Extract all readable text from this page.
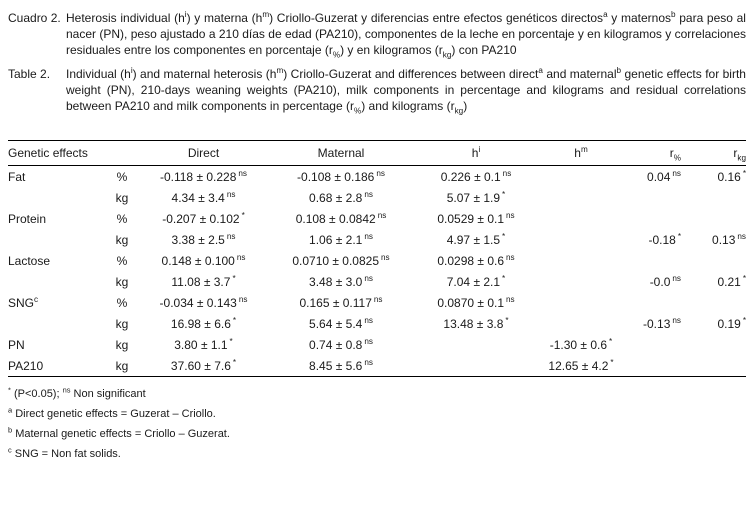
Cuadro 2. Heterosis individual $(h^i)$ y materna $(h^m)$ Criollo-Guzerat y diferencias entre efectos genéticos directos$^a$ y maternos$^b$ para peso al nacer (PN), peso ajustado a 210 días de edad (PA210), componentes de la leche en porcentaje y en kilogramos y correlaciones residuales entre los componentes en porcentaje $(r_{\%})$ y en kilogramos $(r_{kg})$ con PA210
Table 2.	Individual $(h^i)$ and maternal heterosis $(h^m)$ Criollo-Guzerat and differences between direct$^a$ and maternal$^b$ genetic effects for birth weight (PN), 210-days weaning weights (PA210), milk components in percentage and kilograms and residual correlations between PA210 and milk components in percentage $(r_{\%})$ and kilograms $(r_{kg})$
Genetic effects		Direct	Maternal	$h^i$	$h^m$	$r_{\%}$	$r_{kg}$
Fat	%	-0.118 ± 0.228 $^{ns}$	-0.108 ± 0.186 $^{ns}$	0.226 ± 0.1 $^{ns}$		0.04 $^{ns}$	0.16 *
	kg	4.34 ± 3.4 $^{ns}$	0.68 ± 2.8 $^{ns}$	5.07 ± 1.9 *			
Protein	%	-0.207 ± 0.102 *	0.108 ± 0.0842 $^{ns}$	0.0529 ± 0.1 $^{ns}$			
	kg	3.38 ± 2.5 $^{ns}$	1.06 ± 2.1 $^{ns}$	4.97 ± 1.5 *		-0.18 *	0.13 $^{ns}$
Lactose	%	0.148 ± 0.100 $^{ns}$	0.0710 ± 0.0825 $^{ns}$	0.0298 ± 0.6 $^{ns}$			
	kg	11.08 ± 3.7 *	3.48 ± 3.0 $^{ns}$	7.04 ± 2.1 *		-0.0 $^{ns}$	0.21 *
SNG$^c$	%	-0.034 ± 0.143 $^{ns}$	0.165 ± 0.117 $^{ns}$	0.0870 ± 0.1 $^{ns}$			
	kg	16.98 ± 6.6 *	5.64 ± 5.4 $^{ns}$	13.48 ± 3.8 *		-0.13 $^{ns}$	0.19 *
PN	kg	3.80 ± 1.1 *	0.74 ± 0.8 $^{ns}$		-1.30 ± 0.6 *		
PA210	kg	37.60 ± 7.6 *	8.45 ± 5.6 $^{ns}$		12.65 ± 4.2 *		
* (P<0.05); $^{ns}$ Non significant
$^a$ Direct genetic effects = Guzerat – Criollo.
$^b$ Maternal genetic effects = Criollo – Guzerat.
$^c$ SNG = Non fat solids.
